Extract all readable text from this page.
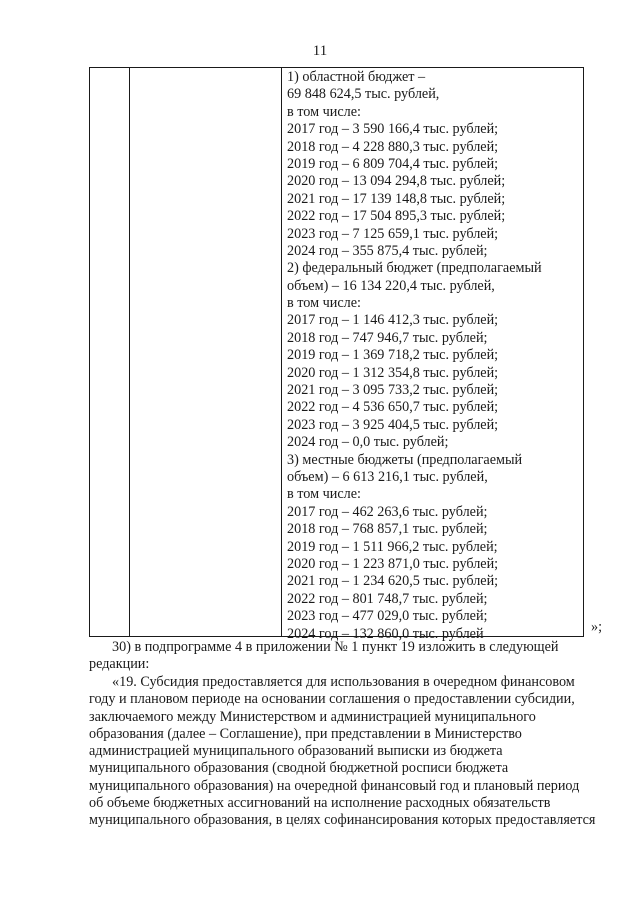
11
1) областной бюджет –
69 848 624,5 тыс. рублей,
в том числе:
2017 год – 3 590 166,4 тыс. рублей;
2018 год – 4 228 880,3 тыс. рублей;
2019 год – 6 809 704,4 тыс. рублей;
2020 год – 13 094 294,8 тыс. рублей;
2021 год – 17 139 148,8 тыс. рублей;
2022 год – 17 504 895,3 тыс. рублей;
2023 год – 7 125 659,1 тыс. рублей;
2024 год – 355 875,4 тыс. рублей;
2) федеральный бюджет (предполагаемый
объем) – 16 134 220,4 тыс. рублей,
в том числе:
2017 год – 1 146 412,3 тыс. рублей;
2018 год – 747 946,7 тыс. рублей;
2019 год – 1 369 718,2 тыс. рублей;
2020 год – 1 312 354,8 тыс. рублей;
2021 год – 3 095 733,2 тыс. рублей;
2022 год – 4 536 650,7 тыс. рублей;
2023 год – 3 925 404,5 тыс. рублей;
2024 год – 0,0 тыс. рублей;
3) местные бюджеты (предполагаемый
объем) – 6 613 216,1 тыс. рублей,
в том числе:
2017 год – 462 263,6 тыс. рублей;
2018 год – 768 857,1 тыс. рублей;
2019 год – 1 511 966,2 тыс. рублей;
2020 год – 1 223 871,0 тыс. рублей;
2021 год – 1 234 620,5 тыс. рублей;
2022 год – 801 748,7 тыс. рублей;
2023 год – 477 029,0 тыс. рублей;
2024 год – 132 860,0 тыс. рублей	»;

30) в подпрограмме 4 в приложении № 1 пункт 19 изложить в следующей

редакции:

«19. Субсидия предоставляется для использования в очередном финансовом

году и плановом периоде на основании соглашения о предоставлении субсидии,

заключаемого между Министерством и администрацией муниципального

образования (далее – Соглашение), при представлении в Министерство

администрацией муниципального образований выписки из бюджета

муниципального образования (сводной бюджетной росписи бюджета

муниципального образования) на очередной финансовый год и плановый период

об объеме бюджетных ассигнований на исполнение расходных обязательств

муниципального образования, в целях софинансирования которых предоставляется
